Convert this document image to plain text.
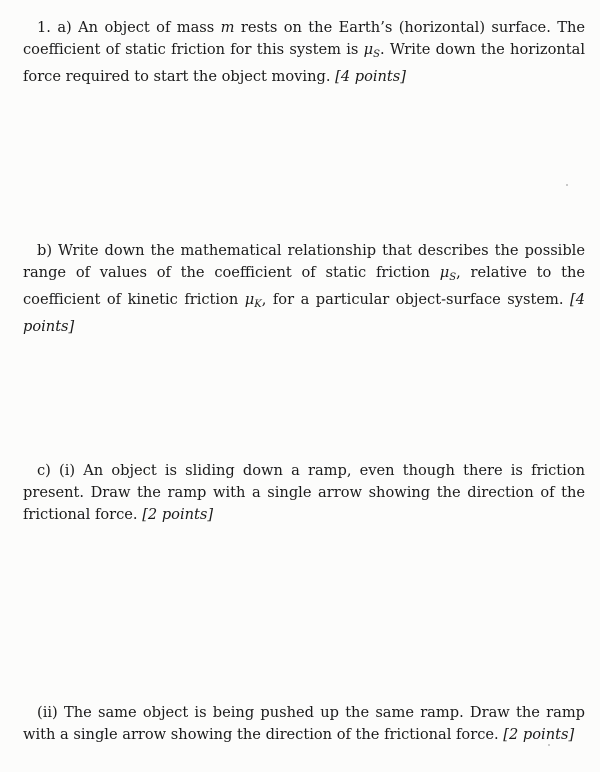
1. a) An object of mass m rests on the Earth’s (horizontal) surface. The coefficient of static friction for this system is $\mu_S$. Write down the horizontal force required to start the object moving. [4 points]

b) Write down the mathematical relationship that describes the possible range of values of the coefficient of static friction $\mu_S$, relative to the coefficient of kinetic friction $\mu_K$, for a particular object-surface system. [4 points]

c) (i) An object is sliding down a ramp, even though there is friction present. Draw the ramp with a single arrow showing the direction of the frictional force. [2 points]

(ii) The same object is being pushed up the same ramp. Draw the ramp with a single arrow showing the direction of the frictional force. [2 points]
